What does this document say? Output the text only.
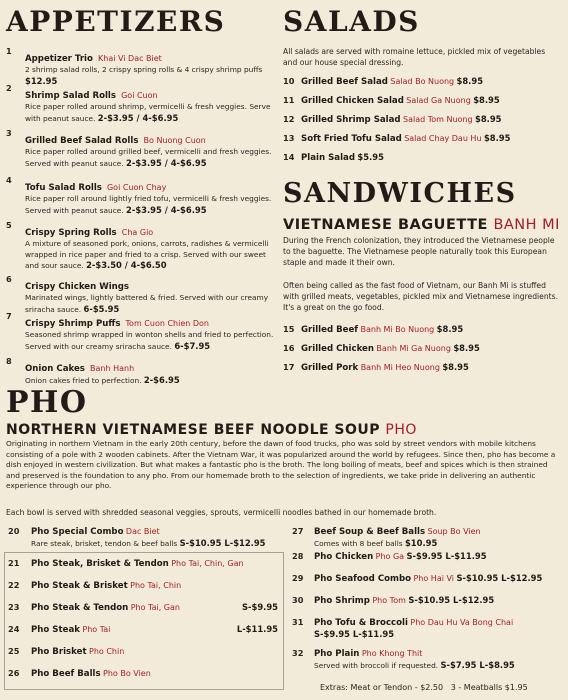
APPETIZERS
1
Appetizer Trio Khai Vi Dac Biet
2 shrimp salad rolls, 2 crispy spring rolls & 4 crispy shrimp puffs
$12.95
2
Shrimp Salad Rolls Goi Cuon
Rice paper rolled around shrimp, vermicelli & fresh veggies. Serve with peanut sauce. 2-$3.95 / 4-$6.95
3
Grilled Beef Salad Rolls Bo Nuong Cuon
Rice paper rolled around grilled beef, vermicelli and fresh veggies. Served with peanut sauce. 2-$3.95 / 4-$6.95
4
Tofu Salad Rolls Goi Cuon Chay
Rice paper roll around lightly fried tofu, vermicelli & fresh veggies. Served with peanut sauce. 2-$3.95 / 4-$6.95
5
Crispy Spring Rolls Cha Gio
A mixture of seasoned pork, onions, carrots, radishes & vermicelli wrapped in rice paper and fried to a crisp. Served with our sweet and sour sauce. 2-$3.50 / 4-$6.50
6
Crispy Chicken Wings
Marinated wings, lightly battered & fried. Served with our creamy sriracha sauce. 6-$5.95
7
Crispy Shrimp Puffs Tom Cuon Chien Don
Seasoned shrimp wrapped in wonton shells and fried to perfection. Served with our creamy sriracha sauce. 6-$7.95
8
Onion Cakes Banh Hanh
Onion cakes fried to perfection. 2-$6.95
SALADS
All salads are served with romaine lettuce, pickled mix of vegetables and our house special dressing.
10 Grilled Beef Salad Salad Bo Nuong $8.95
11 Grilled Chicken Salad Salad Ga Nuong $8.95
12 Grilled Shrimp Salad Salad Tom Nuong $8.95
13 Soft Fried Tofu Salad Salad Chay Dau Hu $8.95
14 Plain Salad $5.95
SANDWICHES
VIETNAMESE BAGUETTE BANH MI
During the French colonization, they introduced the Vietnamese people to the baguette. The Vietnamese people naturally took this European staple and made it their own.
Often being called as the fast food of Vietnam, our Banh Mi is stuffed with grilled meats, vegetables, pickled mix and Vietnamese ingredients. It's a great on the go food.
15 Grilled Beef Banh Mi Bo Nuong $8.95
16 Grilled Chicken Banh Mi Ga Nuong $8.95
17 Grilled Pork Banh Mi Heo Nuong $8.95
PHO
NORTHERN VIETNAMESE BEEF NOODLE SOUP PHO
Originating in northern Vietnam in the early 20th century, before the dawn of food trucks, pho was sold by street vendors with mobile kitchens consisting of a pole with 2 wooden cabinets. After the Vietnam War, it was popularized around the world by refugees. Since then, pho has become a dish enjoyed in western civilization. But what makes a fantastic pho is the broth. The long boiling of meats, beef and spices which is then strained and preserved is the foundation to any pho. From our homemade broth to the selection of ingredients, we take pride in delivering an authentic experience through our pho.
Each bowl is served with shredded seasonal veggies, sprouts, vermicelli noodles bathed in our homemade broth.
20 Pho Special Combo Dac Biet
Rare steak, brisket, tendon & beef balls S-$10.95 L-$12.95
21 Pho Steak, Brisket & Tendon Pho Tai, Chin, Gan
22 Pho Steak & Brisket Pho Tai, Chin
23 Pho Steak & Tendon Pho Tai, Gan	S-$9.95
24 Pho Steak Pho Tai	L-$11.95
25 Pho Brisket Pho Chin
26 Pho Beef Balls Pho Bo Vien
27 Beef Soup & Beef Balls Soup Bo Vien
Comes with 8 beef balls $10.95
28 Pho Chicken Pho Ga S-$9.95 L-$11.95
29 Pho Seafood Combo Pho Hai Vi S-$10.95 L-$12.95
30 Pho Shrimp Pho Tom S-$10.95 L-$12.95
31 Pho Tofu & Broccoli Pho Dau Hu Va Bong Chai
S-$9.95 L-$11.95
32 Pho Plain Pho Khong Thit
Served with broccoli if requested. S-$7.95 L-$8.95
Extras: Meat or Tendon - $2.50   3 - Meatballs $1.95
